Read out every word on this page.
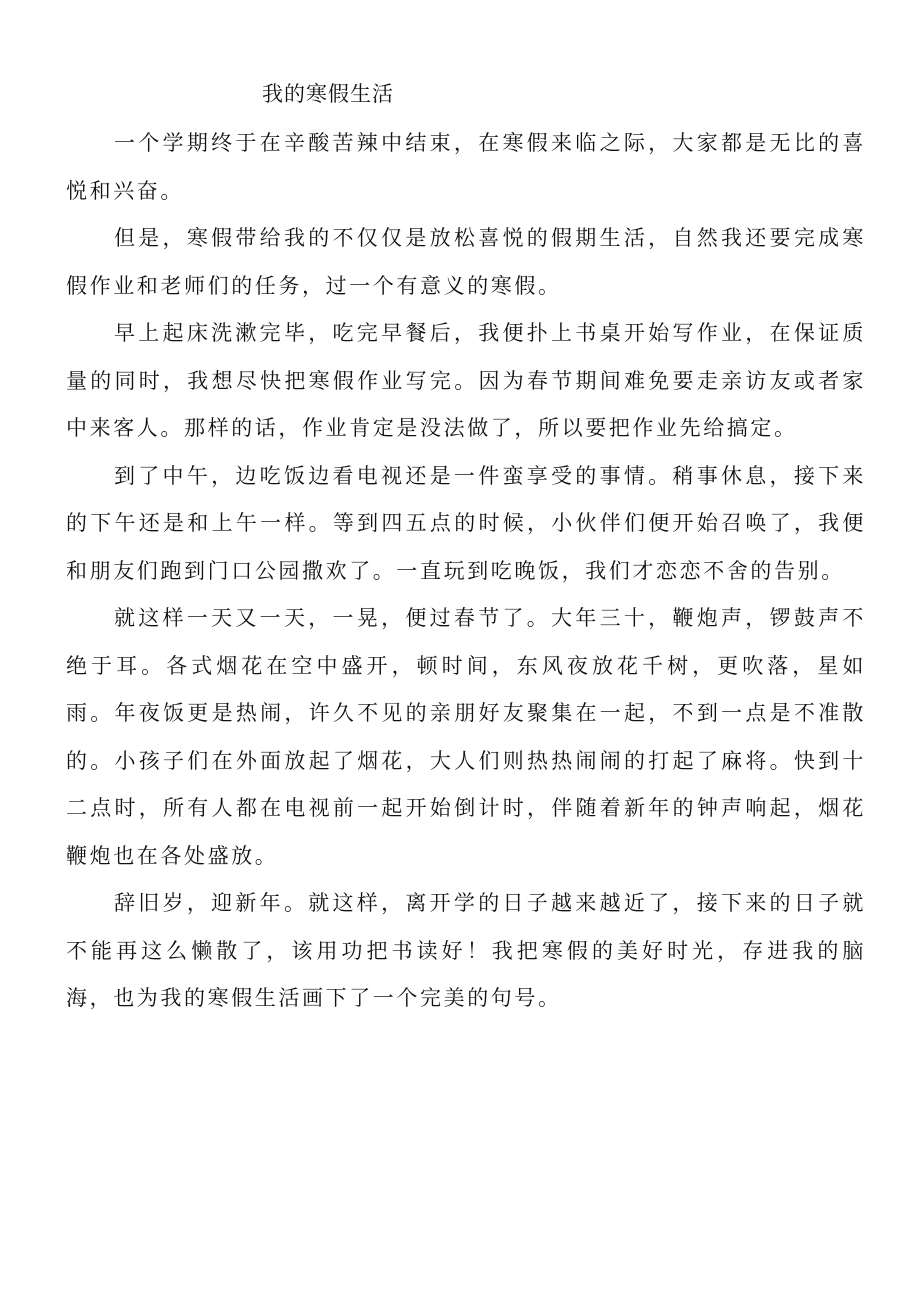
我的寒假生活

一个学期终于在辛酸苦辣中结束，在寒假来临之际，大家都是无比的喜悦和兴奋。

但是，寒假带给我的不仅仅是放松喜悦的假期生活，自然我还要完成寒假作业和老师们的任务，过一个有意义的寒假。

早上起床洗漱完毕，吃完早餐后，我便扑上书桌开始写作业，在保证质量的同时，我想尽快把寒假作业写完。因为春节期间难免要走亲访友或者家中来客人。那样的话，作业肯定是没法做了，所以要把作业先给搞定。

到了中午，边吃饭边看电视还是一件蛮享受的事情。稍事休息，接下来的下午还是和上午一样。等到四五点的时候，小伙伴们便开始召唤了，我便和朋友们跑到门口公园撒欢了。一直玩到吃晚饭，我们才恋恋不舍的告别。

就这样一天又一天，一晃，便过春节了。大年三十，鞭炮声，锣鼓声不绝于耳。各式烟花在空中盛开，顿时间，东风夜放花千树，更吹落，星如雨。年夜饭更是热闹，许久不见的亲朋好友聚集在一起，不到一点是不准散的。小孩子们在外面放起了烟花，大人们则热热闹闹的打起了麻将。快到十二点时，所有人都在电视前一起开始倒计时，伴随着新年的钟声响起，烟花鞭炮也在各处盛放。

辞旧岁，迎新年。就这样，离开学的日子越来越近了，接下来的日子就不能再这么懒散了，该用功把书读好！我把寒假的美好时光，存进我的脑海，也为我的寒假生活画下了一个完美的句号。
